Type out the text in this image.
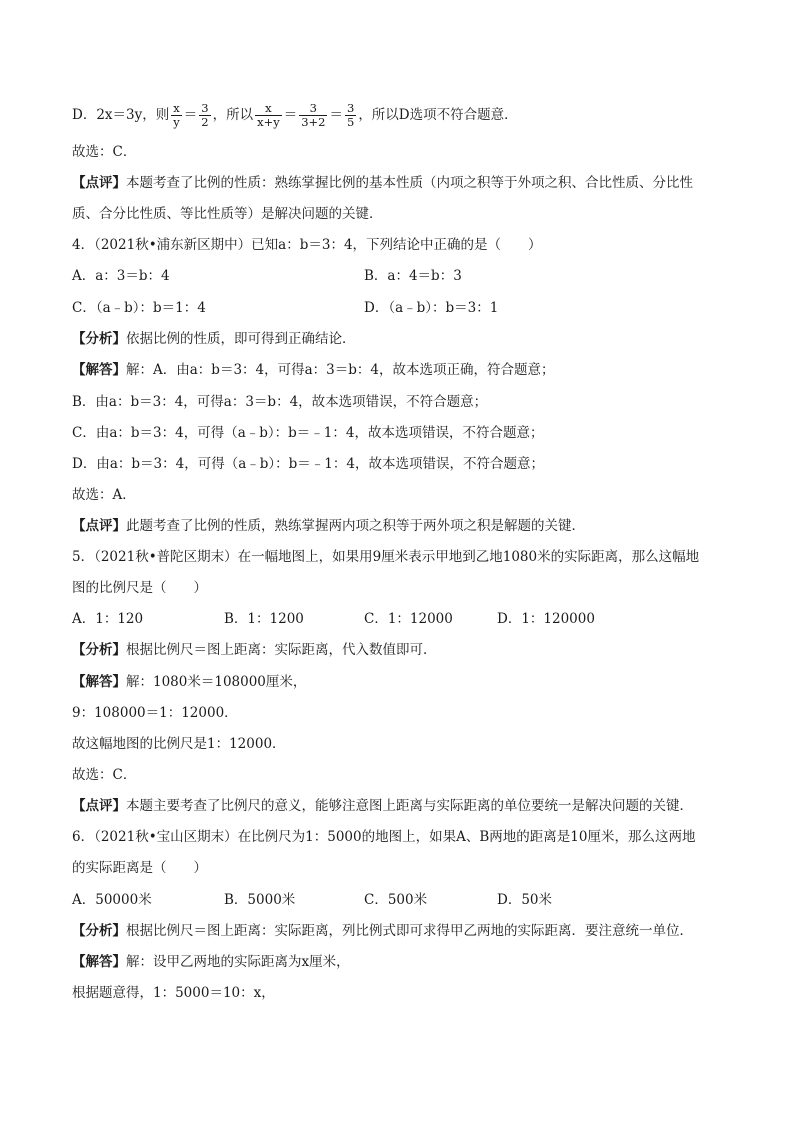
D．2x＝3y，则 $\frac{x}{y} = \frac{3}{2}$ ，所以 $\frac{x}{x+y} = \frac{3}{3+2} = \frac{3}{5}$ ，所以D选项不符合题意．
故选：C．
【点评】本题考查了比例的性质：熟练掌握比例的基本性质（内项之积等于外项之积、合比性质、分比性
质、合分比性质、等比性质等）是解决问题的关键．
4．（2021秋•浦东新区期中）已知a：b＝3：4，下列结论中正确的是（　　）
A．a：3＝b：4	B．a：4＝b：3
C．（a﹣b）：b＝1：4	D．（a﹣b）：b＝3：1
【分析】依据比例的性质，即可得到正确结论．
【解答】解：A．由a：b＝3：4，可得a：3＝b：4，故本选项正确，符合题意；
B．由a：b＝3：4，可得a：3＝b：4，故本选项错误，不符合题意；
C．由a：b＝3：4，可得（a﹣b）：b＝﹣1：4，故本选项错误，不符合题意；
D．由a：b＝3：4，可得（a﹣b）：b＝﹣1：4，故本选项错误，不符合题意；
故选：A．
【点评】此题考查了比例的性质，熟练掌握两内项之积等于两外项之积是解题的关键．
5．（2021秋•普陀区期末）在一幅地图上，如果用9厘米表示甲地到乙地1080米的实际距离，那么这幅地
图的比例尺是（　　）
A．1：120	B．1：1200	C．1：12000	D．1：120000
【分析】根据比例尺＝图上距离：实际距离，代入数值即可．
【解答】解：1080米＝108000厘米，
9：108000＝1：12000．
故这幅地图的比例尺是1：12000．
故选：C．
【点评】本题主要考查了比例尺的意义，能够注意图上距离与实际距离的单位要统一是解决问题的关键．
6．（2021秋•宝山区期末）在比例尺为1：5000的地图上，如果A、B两地的距离是10厘米，那么这两地
的实际距离是（　　）
A．50000米	B．5000米	C．500米	D．50米
【分析】根据比例尺＝图上距离：实际距离，列比例式即可求得甲乙两地的实际距离．要注意统一单位．
【解答】解：设甲乙两地的实际距离为x厘米，
根据题意得，1：5000＝10：x，
